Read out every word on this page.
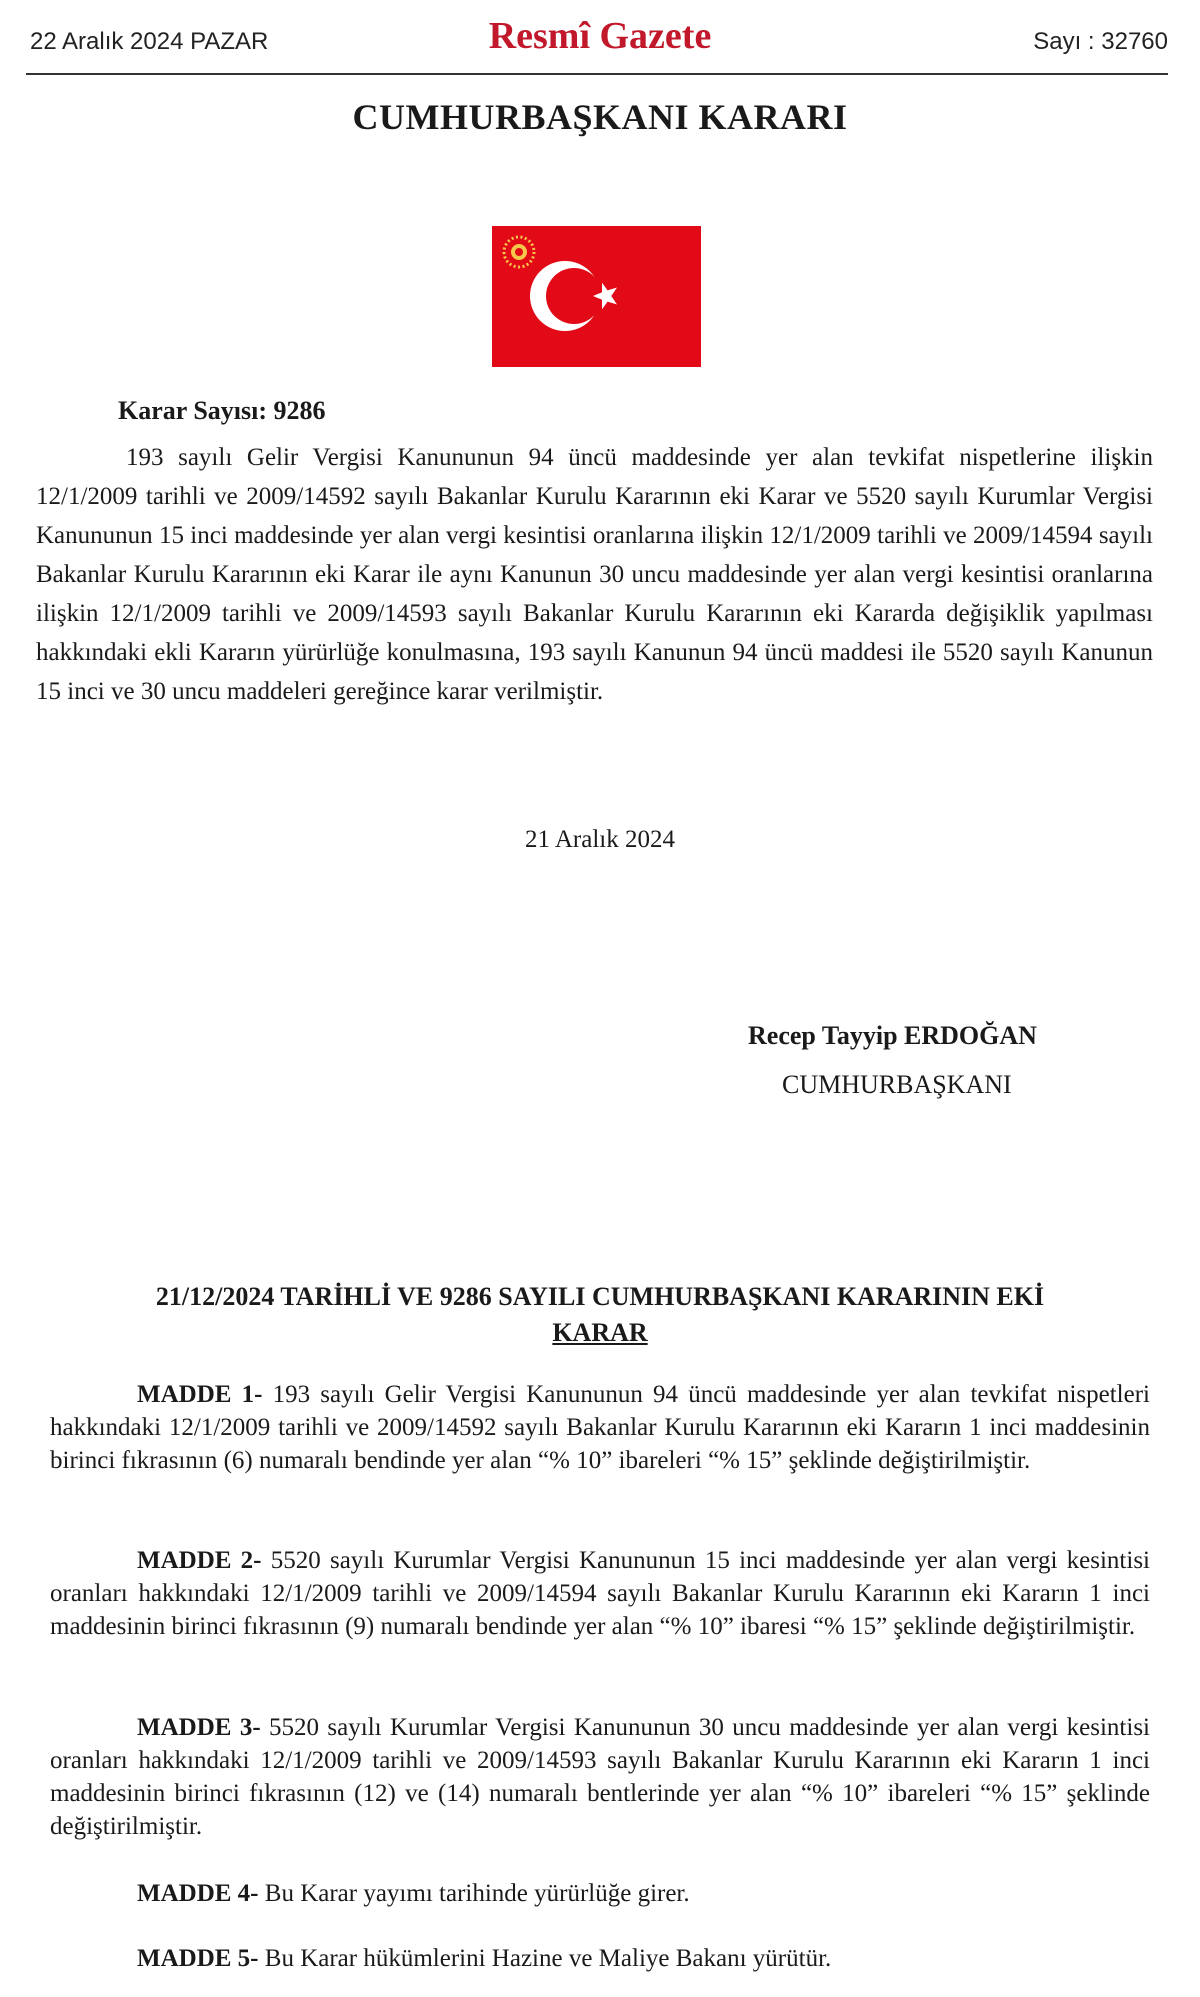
22 Aralık 2024 PAZAR	Resmî Gazete	Sayı : 32760
CUMHURBAŞKANI KARARI
Karar Sayısı: 9286

193 sayılı Gelir Vergisi Kanununun 94 üncü maddesinde yer alan tevkifat nispetlerine ilişkin 12/1/2009 tarihli ve 2009/14592 sayılı Bakanlar Kurulu Kararının eki Karar ve 5520 sayılı Kurumlar Vergisi Kanununun 15 inci maddesinde yer alan vergi kesintisi oranlarına ilişkin 12/1/2009 tarihli ve 2009/14594 sayılı Bakanlar Kurulu Kararının eki Karar ile aynı Kanunun 30 uncu maddesinde yer alan vergi kesintisi oranlarına ilişkin 12/1/2009 tarihli ve 2009/14593 sayılı Bakanlar Kurulu Kararının eki Kararda değişiklik yapılması hakkındaki ekli Kararın yürürlüğe konulmasına, 193 sayılı Kanunun 94 üncü maddesi ile 5520 sayılı Kanunun 15 inci ve 30 uncu maddeleri gereğince karar verilmiştir.

21 Aralık 2024
Recep Tayyip ERDOĞAN
CUMHURBAŞKANI
21/12/2024 TARİHLİ VE 9286 SAYILI CUMHURBAŞKANI KARARININ EKİ
KARAR

MADDE 1- 193 sayılı Gelir Vergisi Kanununun 94 üncü maddesinde yer alan tevkifat nispetleri hakkındaki 12/1/2009 tarihli ve 2009/14592 sayılı Bakanlar Kurulu Kararının eki Kararın 1 inci maddesinin birinci fıkrasının (6) numaralı bendinde yer alan “% 10” ibareleri “% 15” şeklinde değiştirilmiştir.

MADDE 2- 5520 sayılı Kurumlar Vergisi Kanununun 15 inci maddesinde yer alan vergi kesintisi oranları hakkındaki 12/1/2009 tarihli ve 2009/14594 sayılı Bakanlar Kurulu Kararının eki Kararın 1 inci maddesinin birinci fıkrasının (9) numaralı bendinde yer alan “% 10” ibaresi “% 15” şeklinde değiştirilmiştir.

MADDE 3- 5520 sayılı Kurumlar Vergisi Kanununun 30 uncu maddesinde yer alan vergi kesintisi oranları hakkındaki 12/1/2009 tarihli ve 2009/14593 sayılı Bakanlar Kurulu Kararının eki Kararın 1 inci maddesinin birinci fıkrasının (12) ve (14) numaralı bentlerinde yer alan “% 10” ibareleri “% 15” şeklinde değiştirilmiştir.

MADDE 4- Bu Karar yayımı tarihinde yürürlüğe girer.

MADDE 5- Bu Karar hükümlerini Hazine ve Maliye Bakanı yürütür.
